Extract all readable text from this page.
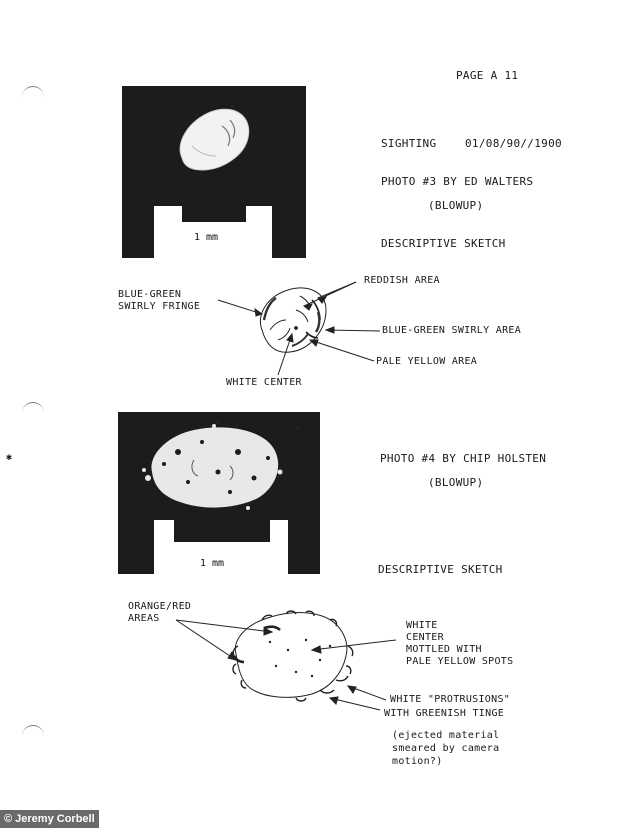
PAGE A 11
1 mm
SIGHTING	01/08/90//1900
PHOTO #3 BY ED WALTERS
(BLOWUP)
DESCRIPTIVE SKETCH
BLUE-GREEN
SWIRLY FRINGE
REDDISH AREA
BLUE-GREEN SWIRLY AREA
PALE YELLOW AREA
WHITE CENTER
1 mm
PHOTO #4 BY CHIP HOLSTEN
(BLOWUP)
DESCRIPTIVE SKETCH
ORANGE/RED
AREAS
WHITE
CENTER
MOTTLED WITH
PALE YELLOW SPOTS
WHITE "PROTRUSIONS"
WITH GREENISH TINGE
(ejected material
smeared by camera
motion?)
✱
© Jeremy Corbell
